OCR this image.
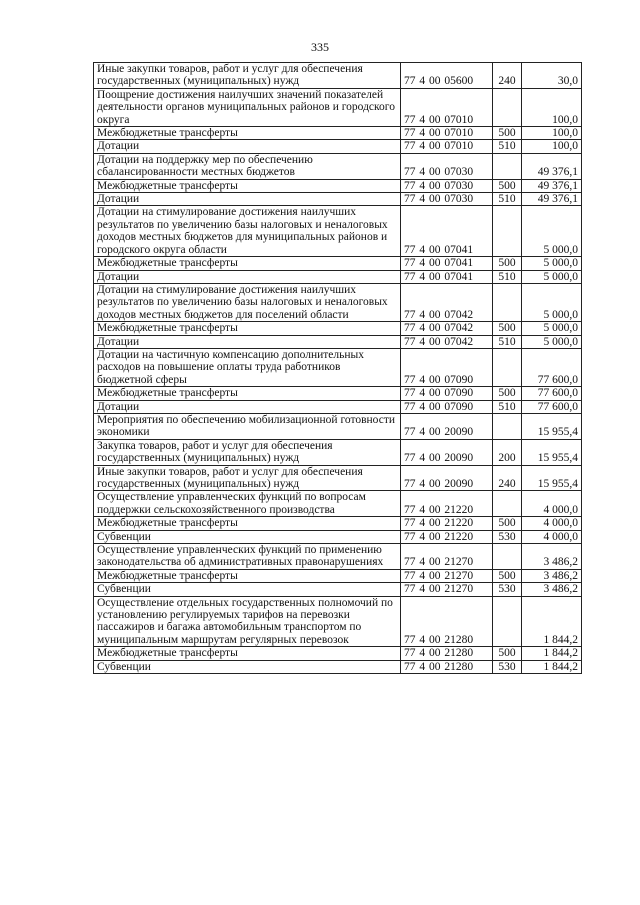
335
Иные закупки товаров, работ и услуг для обеспечения государственных (муниципальных) нужд	77 4 00 05600	240	30,0
Поощрение достижения наилучших значений показателей деятельности органов муниципальных районов и городского округа	77 4 00 07010		100,0
Межбюджетные трансферты	77 4 00 07010	500	100,0
Дотации	77 4 00 07010	510	100,0
Дотации на поддержку мер по обеспечению сбалансированности местных бюджетов	77 4 00 07030		49 376,1
Межбюджетные трансферты	77 4 00 07030	500	49 376,1
Дотации	77 4 00 07030	510	49 376,1
Дотации на стимулирование достижения наилучших результатов по увеличению базы налоговых и неналоговых доходов местных бюджетов для муниципальных районов и городского округа области	77 4 00 07041		5 000,0
Межбюджетные трансферты	77 4 00 07041	500	5 000,0
Дотации	77 4 00 07041	510	5 000,0
Дотации на стимулирование достижения наилучших результатов по увеличению базы налоговых и неналоговых доходов местных бюджетов для поселений области	77 4 00 07042		5 000,0
Межбюджетные трансферты	77 4 00 07042	500	5 000,0
Дотации	77 4 00 07042	510	5 000,0
Дотации на частичную компенсацию дополнительных расходов на повышение оплаты труда работников бюджетной сферы	77 4 00 07090		77 600,0
Межбюджетные трансферты	77 4 00 07090	500	77 600,0
Дотации	77 4 00 07090	510	77 600,0
Мероприятия по обеспечению мобилизационной готовности экономики	77 4 00 20090		15 955,4
Закупка товаров, работ и услуг для обеспечения государственных (муниципальных) нужд	77 4 00 20090	200	15 955,4
Иные закупки товаров, работ и услуг для обеспечения государственных (муниципальных) нужд	77 4 00 20090	240	15 955,4
Осуществление управленческих функций по вопросам поддержки сельскохозяйственного производства	77 4 00 21220		4 000,0
Межбюджетные трансферты	77 4 00 21220	500	4 000,0
Субвенции	77 4 00 21220	530	4 000,0
Осуществление управленческих функций по применению законодательства об административных правонарушениях	77 4 00 21270		3 486,2
Межбюджетные трансферты	77 4 00 21270	500	3 486,2
Субвенции	77 4 00 21270	530	3 486,2
Осуществление отдельных государственных полномочий по установлению регулируемых тарифов на перевозки пассажиров и багажа автомобильным транспортом по муниципальным маршрутам регулярных перевозок	77 4 00 21280		1 844,2
Межбюджетные трансферты	77 4 00 21280	500	1 844,2
Субвенции	77 4 00 21280	530	1 844,2
